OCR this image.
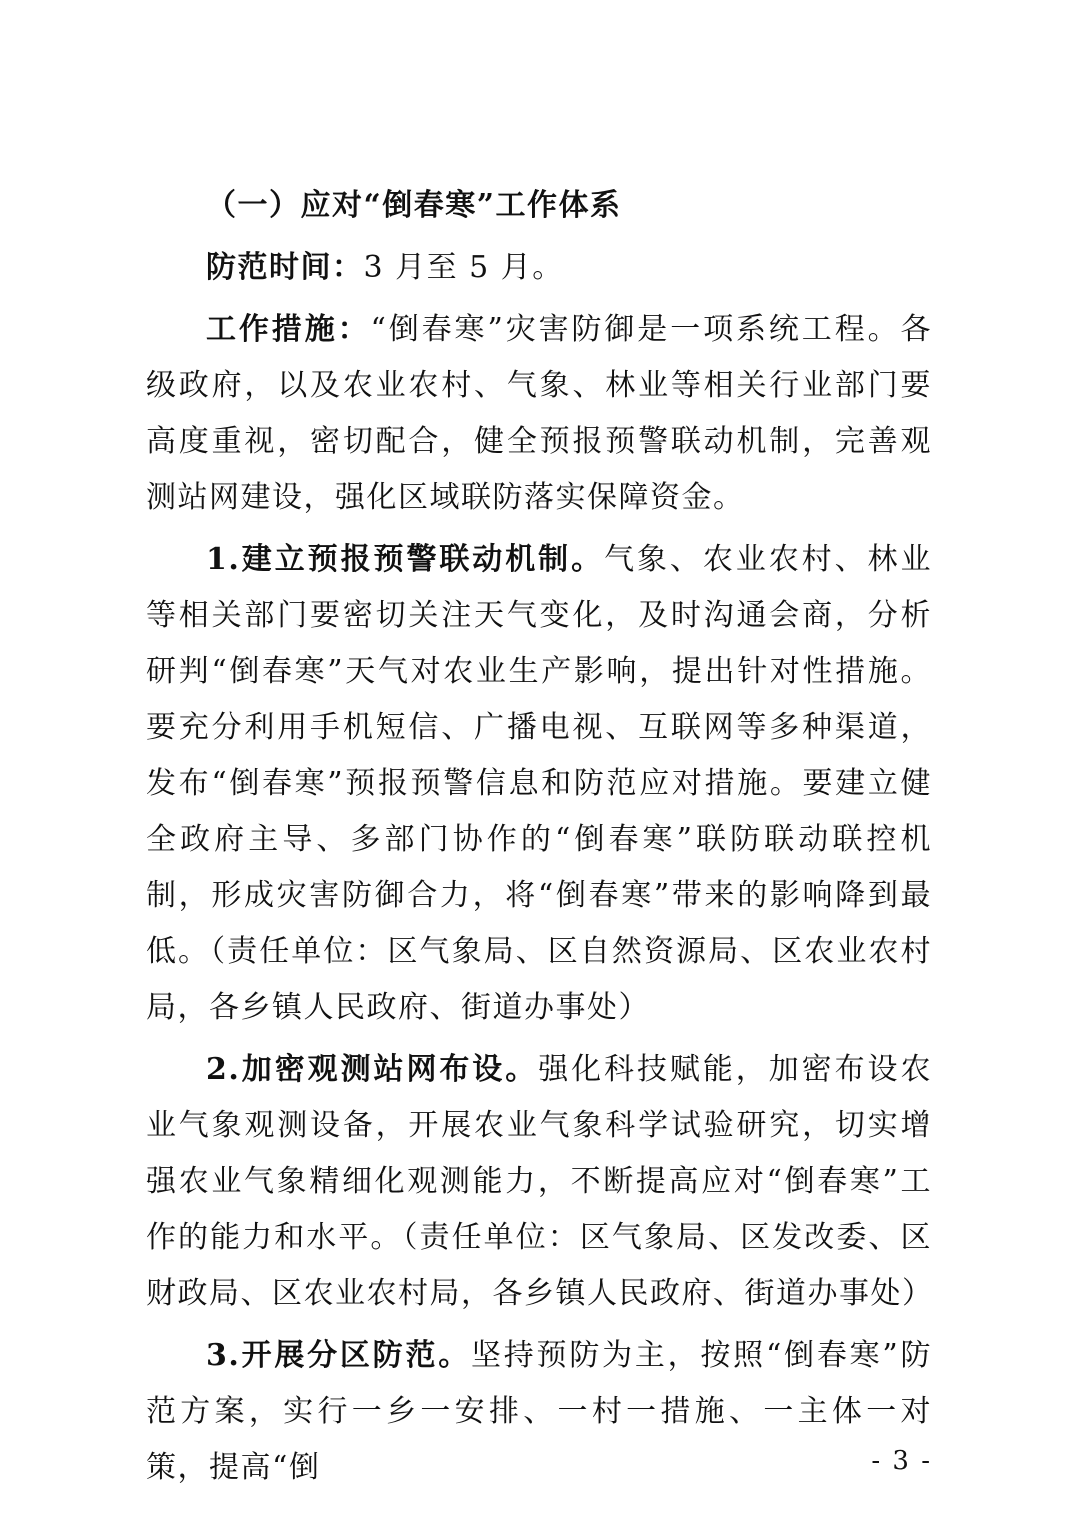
（一）应对“倒春寒”工作体系

防范时间：3 月至 5 月。

工作措施：“倒春寒”灾害防御是一项系统工程。各级政府，以及农业农村、气象、林业等相关行业部门要高度重视，密切配合，健全预报预警联动机制，完善观测站网建设，强化区域联防落实保障资金。

1.建立预报预警联动机制。气象、农业农村、林业等相关部门要密切关注天气变化，及时沟通会商，分析研判“倒春寒”天气对农业生产影响，提出针对性措施。要充分利用手机短信、广播电视、互联网等多种渠道，发布“倒春寒”预报预警信息和防范应对措施。要建立健全政府主导、多部门协作的“倒春寒”联防联动联控机制，形成灾害防御合力，将“倒春寒”带来的影响降到最低。（责任单位：区气象局、区自然资源局、区农业农村局，各乡镇人民政府、街道办事处）

2.加密观测站网布设。强化科技赋能，加密布设农业气象观测设备，开展农业气象科学试验研究，切实增强农业气象精细化观测能力，不断提高应对“倒春寒”工作的能力和水平。（责任单位：区气象局、区发改委、区财政局、区农业农村局，各乡镇人民政府、街道办事处）

3.开展分区防范。坚持预防为主，按照“倒春寒”防范方案，实行一乡一安排、一村一措施、一主体一对策，提高“倒	- 3 -
